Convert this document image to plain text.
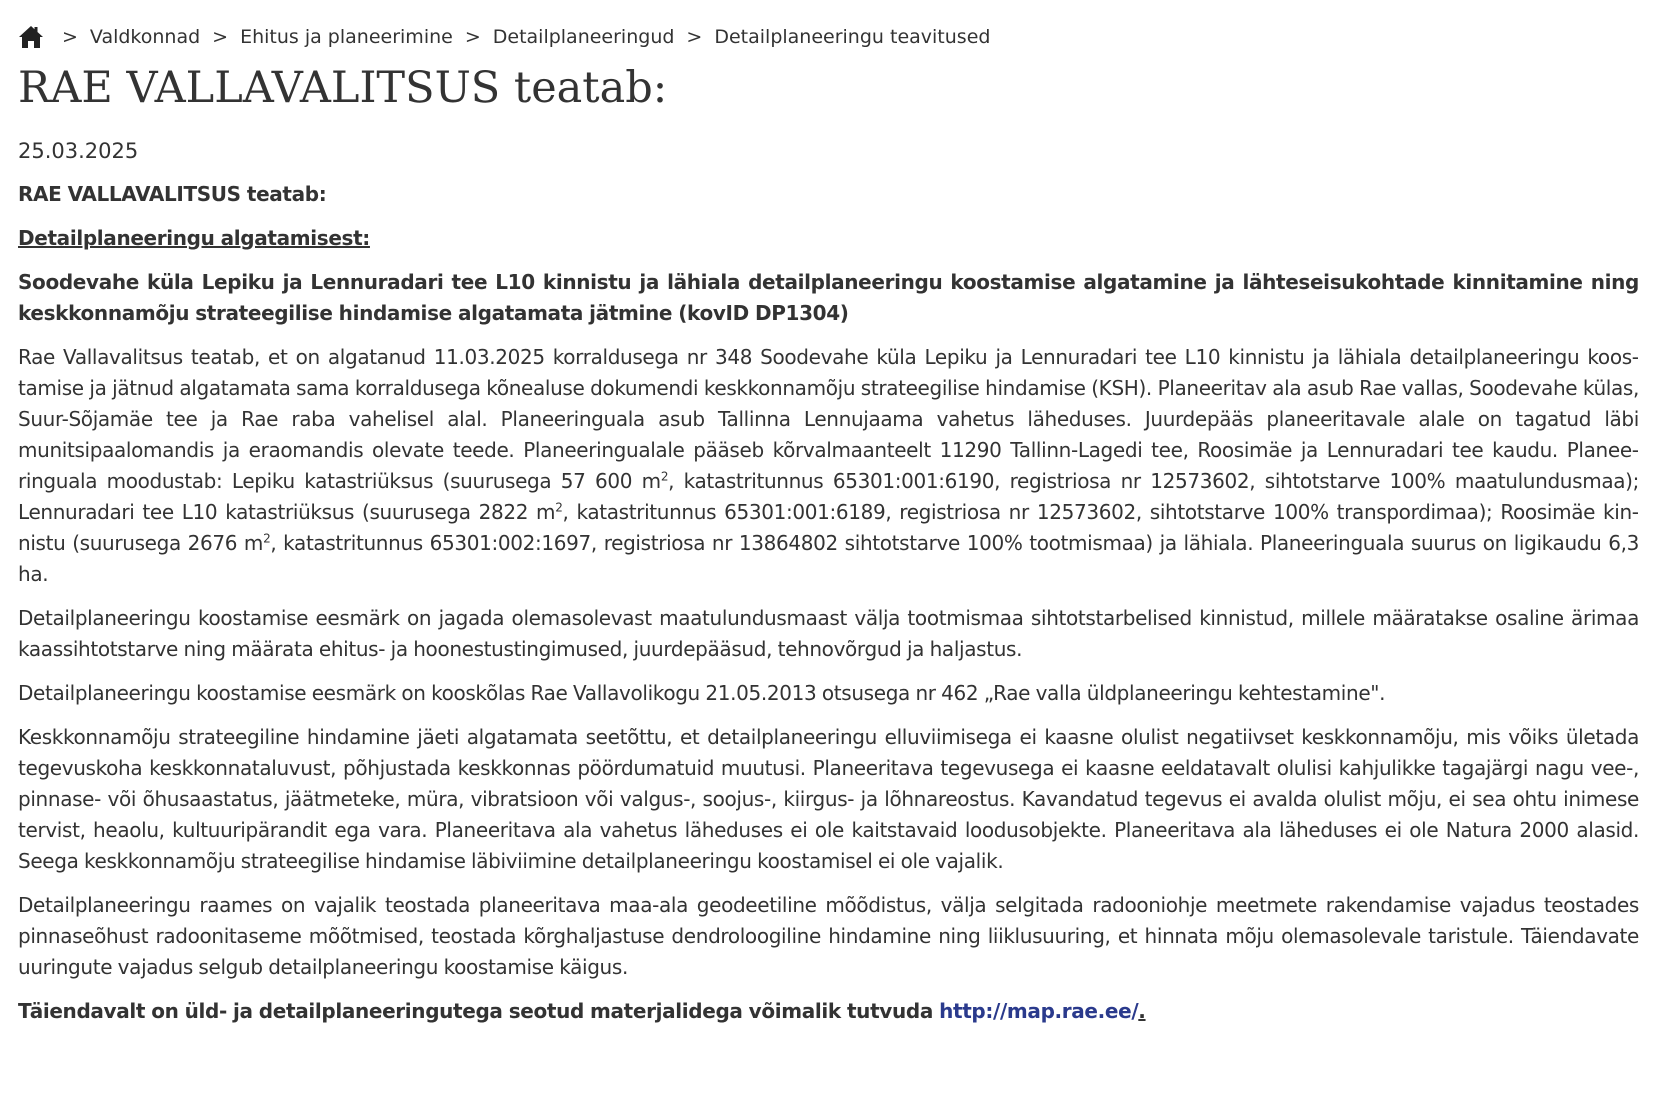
> Valdkonnad > Ehitus ja planeerimine > Detailplaneeringud > Detailplaneeringu teavitused
RAE VALLAVALITSUS teatab:
25.03.2025

RAE VALLAVALITSUS teatab:

Detailplaneeringu algatamisest:

Soodevahe küla Lepiku ja Lennuradari tee L10 kinnistu ja lähiala detailplaneeringu koostamise algatamine ja lähteseisukohtade kinnitamine ning keskkonnamõju strateegilise hindamise algatamata jätmine (kovID DP1304)

Rae Vallavalitsus teatab, et on algatanud 11.03.2025 korraldusega nr 348 Soodevahe küla Lepiku ja Lennuradari tee L10 kinnistu ja lähiala detailplaneeringu koostamise ja jätnud algatamata sama korraldusega kõnealuse dokumendi keskkonnamõju strateegilise hindamise (KSH). Planeeritav ala asub Rae vallas, Soodevahe külas, Suur-Sõjamäe tee ja Rae raba vahelisel alal. Planeeringuala asub Tallinna Lennujaama vahetus läheduses. Juurdepääs planeeritavale alale on tagatud läbi munitsipaalomandis ja eraomandis olevate teede. Planeeringualale pääseb kõrvalmaanteelt 11290 Tallinn-Lagedi tee, Roosimäe ja Lennuradari tee kaudu. Planeeringuala moodustab: Lepiku katastriüksus (suurusega 57 600 $m^2$, katastritunnus 65301:001:6190, registriosa nr 12573602, sihtotstarve 100% maatulundusmaa); Lennuradari tee L10 katastriüksus (suurusega 2822 $m^2$, katastritunnus 65301:001:6189, registriosa nr 12573602, sihtotstarve 100% transpordimaa); Roosimäe kinnistu (suurusega 2676 $m^2$, katastritunnus 65301:002:1697, registriosa nr 13864802 sihtotstarve 100% tootmismaa) ja lähiala. Planeeringuala suurus on ligikaudu 6,3 ha.

Detailplaneeringu koostamise eesmärk on jagada olemasolevast maatulundusmaast välja tootmismaa sihtotstarbelised kinnistud, millele määratakse osaline ärimaa kaassihtotstarve ning määrata ehitus- ja hoonestustingimused, juurdepääsud, tehnovõrgud ja haljastus.

Detailplaneeringu koostamise eesmärk on kooskõlas Rae Vallavolikogu 21.05.2013 otsusega nr 462 „Rae valla üldplaneeringu kehtestamine".

Keskkonnamõju strateegiline hindamine jäeti algatamata seetõttu, et detailplaneeringu elluviimisega ei kaasne olulist negatiivset keskkonnamõju, mis võiks ületada tegevuskoha keskkonnataluvust, põhjustada keskkonnas pöördumatuid muutusi. Planeeritava tegevusega ei kaasne eeldatavalt olulisi kahjulikke tagajärgi nagu vee-, pinnase- või õhusaastatus, jäätmeteke, müra, vibratsioon või valgus-, soojus-, kiirgus- ja lõhnareostus. Kavandatud tegevus ei avalda olulist mõju, ei sea ohtu inimese tervist, heaolu, kultuuripärandit ega vara. Planeeritava ala vahetus läheduses ei ole kaitstavaid loodusobjekte. Planeeritava ala läheduses ei ole Natura 2000 alasid. Seega keskkonnamõju strateegilise hindamise läbiviimine detailplaneeringu koostamisel ei ole vajalik.

Detailplaneeringu raames on vajalik teostada planeeritava maa-ala geodeetiline mõõdistus, välja selgitada radooniohje meetmete rakendamise vajadus teostades pinnaseõhust radoonitaseme mõõtmised, teostada kõrghaljastuse dendroloogiline hindamine ning liiklusuuring, et hinnata mõju olemasolevale taristule. Täiendavate uuringute vajadus selgub detailplaneeringu koostamise käigus.

Täiendavalt on üld- ja detailplaneeringutega seotud materjalidega võimalik tutvuda http://map.rae.ee/.
